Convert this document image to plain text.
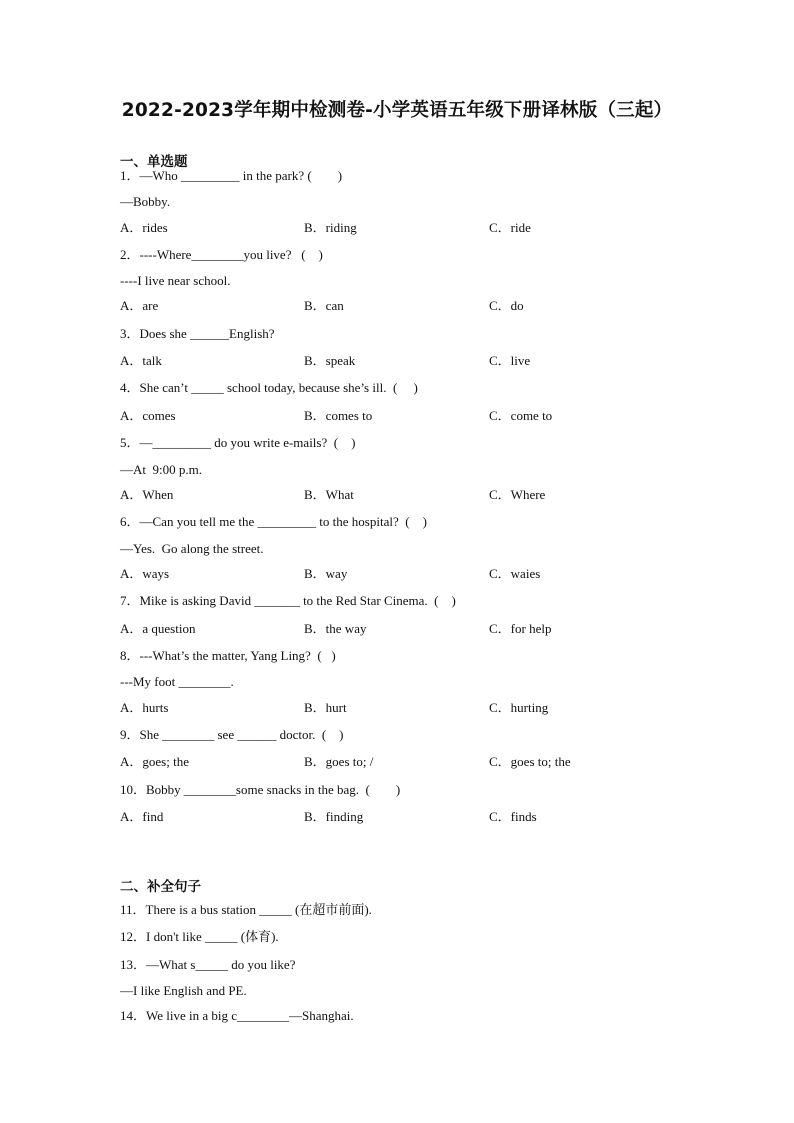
2022-2023学年期中检测卷-小学英语五年级下册译林版（三起）
一、单选题
1．—Who _________ in the park? (        )
—Bobby.
A．rides	B．riding	C．ride
2．----Where________you live?   (    )
----I live near school.
A．are	B．can	C．do
3．Does she ______English?
A．talk	B．speak	C．live
4．She can’t _____ school today, because she’s ill.  (     )
A．comes	B．comes to	C．come to
5．—_________ do you write e-mails?  (    )
—At  9:00 p.m.
A．When	B．What	C．Where
6．—Can you tell me the _________ to the hospital?  (    )
—Yes.  Go along the street.
A．ways	B．way	C．waies
7．Mike is asking David _______ to the Red Star Cinema.  (    )
A．a question	B．the way	C．for help
8．---What’s the matter, Yang Ling?  (   )
---My foot ________.
A．hurts	B．hurt	C．hurting
9．She ________ see ______ doctor.  (    )
A．goes; the	B．goes to; /	C．goes to; the
10．Bobby ________some snacks in the bag.  (        )
A．find	B．finding	C．finds
二、补全句子
11．There is a bus station _____ (在超市前面).
12．I don't like _____ (体育).
13．—What s_____ do you like?
—I like English and PE.
14．We live in a big c________—Shanghai.
